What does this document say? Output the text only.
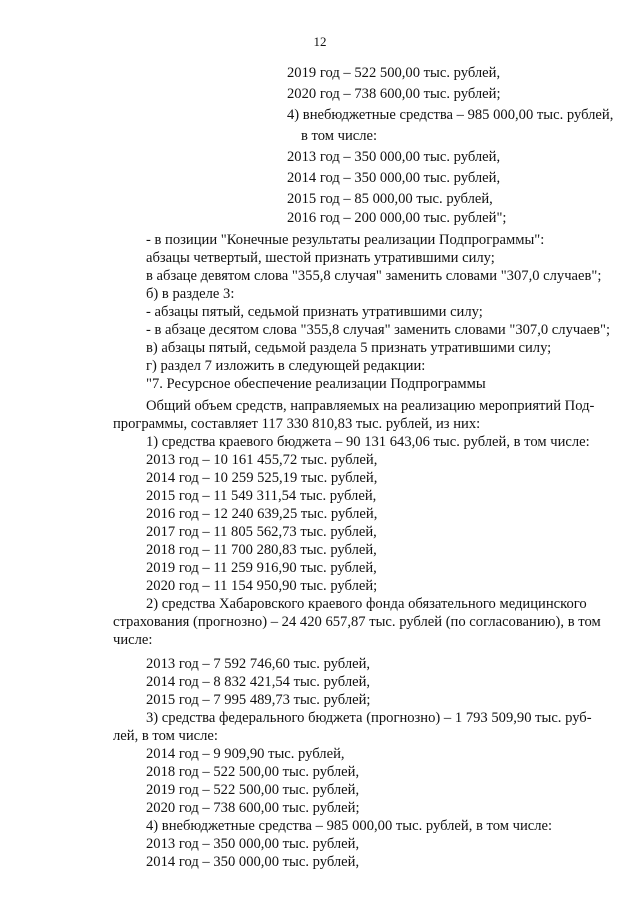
12
2019 год – 522 500,00 тыс. рублей,
2020 год – 738 600,00 тыс. рублей;
4) внебюджетные средства – 985 000,00 тыс. рублей,
в том числе:
2013 год – 350 000,00 тыс. рублей,
2014 год – 350 000,00 тыс. рублей,
2015 год – 85 000,00 тыс. рублей,
2016 год – 200 000,00 тыс. рублей";
- в позиции "Конечные результаты реализации Подпрограммы":
абзацы четвертый, шестой признать утратившими силу;
в абзаце девятом слова "355,8 случая" заменить словами "307,0 случаев";
б) в разделе 3:
- абзацы пятый, седьмой признать утратившими силу;
- в абзаце десятом слова "355,8 случая" заменить словами "307,0 случаев";
в) абзацы пятый, седьмой раздела 5 признать утратившими силу;
г) раздел 7 изложить в следующей редакции:
"7. Ресурсное обеспечение реализации Подпрограммы
Общий объем средств, направляемых на реализацию мероприятий Под-
программы, составляет 117 330 810,83 тыс. рублей, из них:
1) средства краевого бюджета – 90 131 643,06 тыс. рублей, в том числе:
2013 год – 10 161 455,72 тыс. рублей,
2014 год – 10 259 525,19 тыс. рублей,
2015 год – 11 549 311,54 тыс. рублей,
2016 год – 12 240 639,25 тыс. рублей,
2017 год – 11 805 562,73 тыс. рублей,
2018 год – 11 700 280,83 тыс. рублей,
2019 год – 11 259 916,90 тыс. рублей,
2020 год – 11 154 950,90 тыс. рублей;
2) средства Хабаровского краевого фонда обязательного медицинского
страхования (прогнозно) – 24 420 657,87 тыс. рублей (по согласованию), в том
числе:
2013 год – 7 592 746,60 тыс. рублей,
2014 год – 8 832 421,54 тыс. рублей,
2015 год – 7 995 489,73 тыс. рублей;
3) средства федерального бюджета (прогнозно) – 1 793 509,90 тыс. руб-
лей, в том числе:
2014 год – 9 909,90 тыс. рублей,
2018 год – 522 500,00 тыс. рублей,
2019 год – 522 500,00 тыс. рублей,
2020 год – 738 600,00 тыс. рублей;
4) внебюджетные средства – 985 000,00 тыс. рублей, в том числе:
2013 год – 350 000,00 тыс. рублей,
2014 год – 350 000,00 тыс. рублей,
